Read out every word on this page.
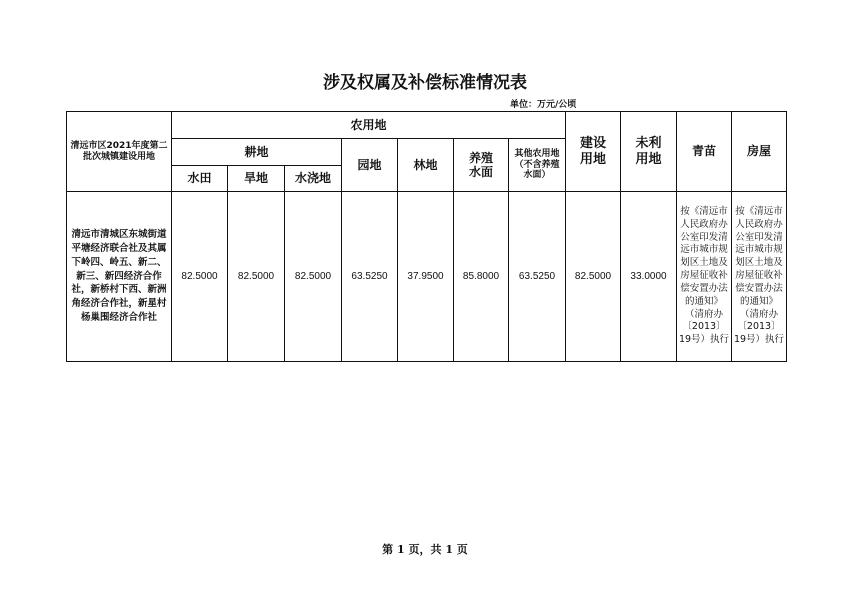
涉及权属及补偿标准情况表
单位：万元/公顷
清远市区2021年度第二批次城镇建设用地	农用地							建设用地	未利用地	青苗	房屋
	耕地			园地	林地	养殖水面	其他农用地（不含养殖水面）				
	水田	旱地	水浇地								
清远市清城区东城街道平塘经济联合社及其属下岭四、岭五、新二、新三、新四经济合作社，新桥村下西、新洲角经济合作社，新星村杨巢围经济合作社	82.5000	82.5000	82.5000	63.5250	37.9500	85.8000	63.5250	82.5000	33.0000	按《清远市人民政府办公室印发清远市城市规划区土地及房屋征收补偿安置办法的通知》（清府办〔2013〕19号）执行	按《清远市人民政府办公室印发清远市城市规划区土地及房屋征收补偿安置办法的通知》（清府办〔2013〕19号）执行
第 1 页，共 1 页
